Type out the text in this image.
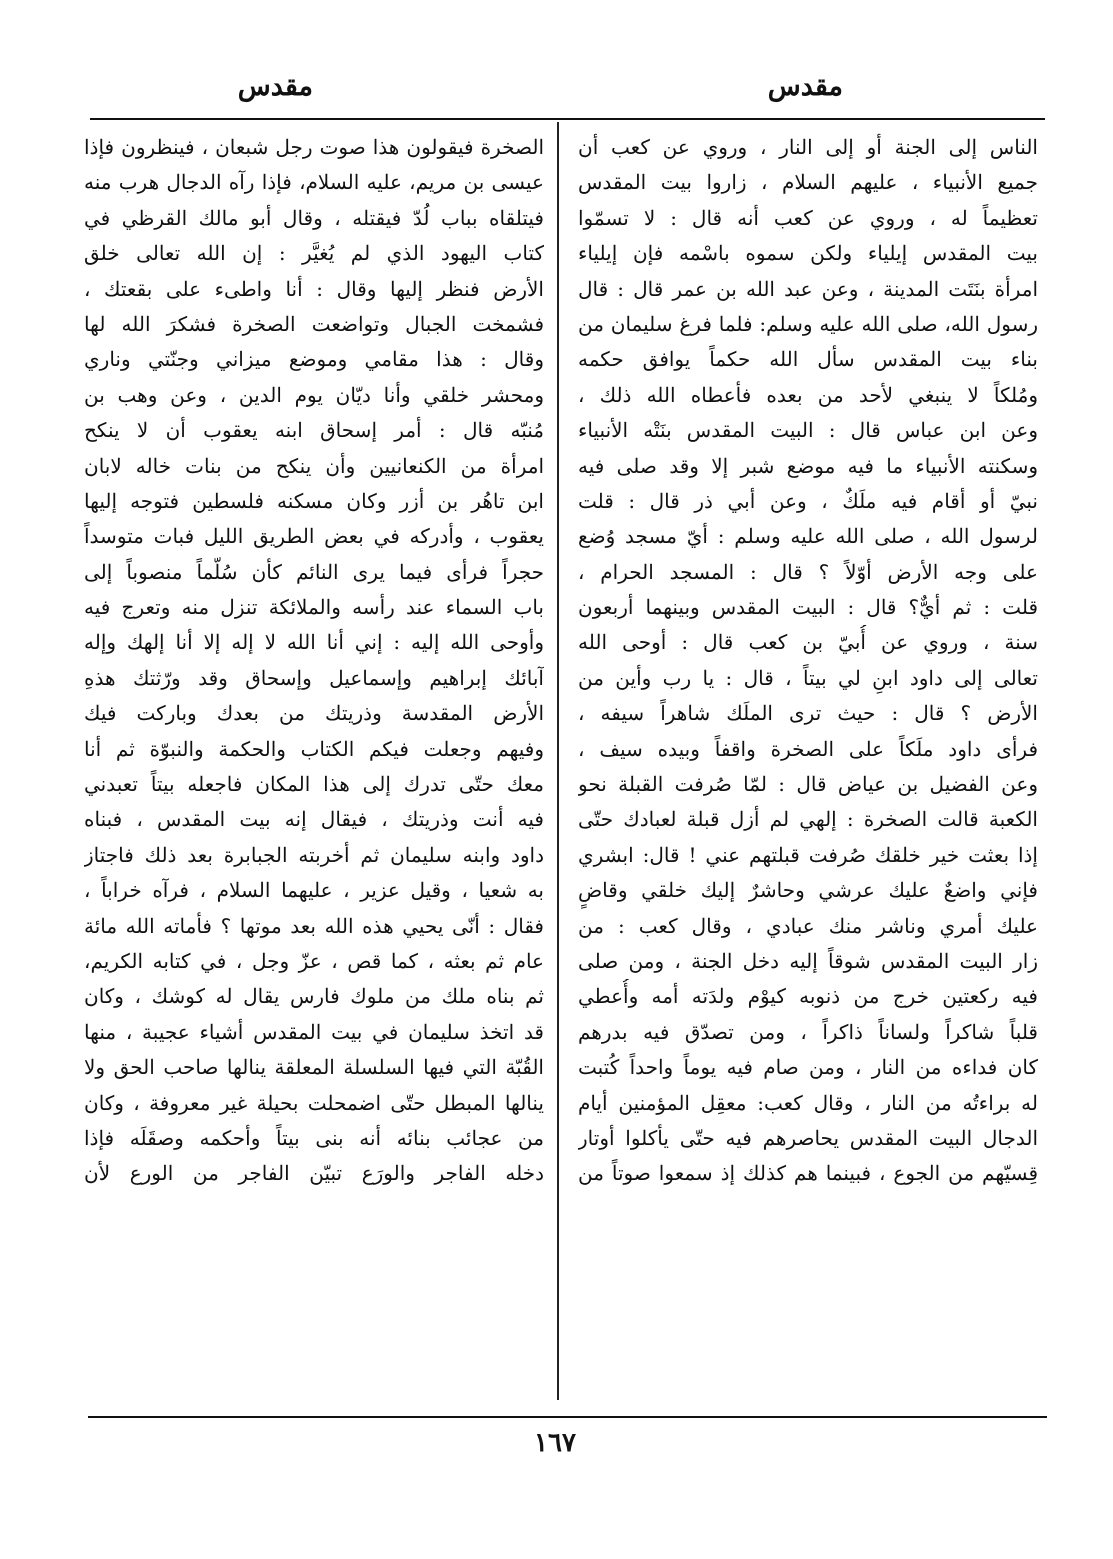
مقدس
مقدس
الناس إلى الجنة أو إلى النار ، وروي عن كعب أن
جميع الأنبياء ، عليهم السلام ، زاروا بيت المقدس
تعظيماً له ، وروي عن كعب أنه قال : لا تسمّوا
بيت المقدس إيلياء ولكن سموه باسْمه فإن إيلياء
امرأة بنَتَت المدينة ، وعن عبد الله بن عمر قال : قال
رسول الله، صلى الله عليه وسلم: فلما فرغ سليمان من
بناء بيت المقدس سأل الله حكماً يوافق حكمه
ومُلكاً لا ينبغي لأحد من بعده فأعطاه الله ذلك ،
وعن ابن عباس قال : البيت المقدس بنَتْه الأنبياء
وسكنته الأنبياء ما فيه موضع شبر إلا وقد صلى فيه
نبيّ أو أقام فيه ملَكٌ ، وعن أبي ذر قال : قلت
لرسول الله ، صلى الله عليه وسلم : أيّ مسجد وُضع
على وجه الأرض أوّلاً ؟ قال : المسجد الحرام ،
قلت : ثم أيٌّ؟ قال : البيت المقدس وبينهما أربعون
سنة ، وروي عن أُبيّ بن كعب قال : أوحى الله
تعالى إلى داود ابنِ لي بيتاً ، قال : يا رب وأين من
الأرض ؟ قال : حيث ترى الملَك شاهراً سيفه ،
فرأى داود ملَكاً على الصخرة واقفاً وبيده سيف ،
وعن الفضيل بن عياض قال : لمّا صُرفت القبلة نحو
الكعبة قالت الصخرة : إلهي لم أزل قبلة لعبادك حتّى
إذا بعثت خير خلقك صُرفت قبلتهم عني ! قال: ابشري
فإني واضعٌ عليك عرشي وحاشرٌ إليك خلقي وقاضٍ
عليك أمري وناشر منك عبادي ، وقال كعب : من
زار البيت المقدس شوقاً إليه دخل الجنة ، ومن صلى
فيه ركعتين خرج من ذنوبه كيوْم ولدَته أمه وأُعطي
قلباً شاكراً ولساناً ذاكراً ، ومن تصدّق فيه بدرهم
كان فداءه من النار ، ومن صام فيه يوماً واحداً كُتبت
له براءتُه من النار ، وقال كعب: معقِل المؤمنين أيام
الدجال البيت المقدس يحاصرهم فيه حتّى يأكلوا أوتار
قِسيّهم من الجوع ، فبينما هم كذلك إذ سمعوا صوتاً من
الصخرة فيقولون هذا صوت رجل شبعان ، فينظرون فإذا
عيسى بن مريم، عليه السلام، فإذا رآه الدجال هرب منه
فيتلقاه بباب لُدّ فيقتله ، وقال أبو مالك القرظي في
كتاب اليهود الذي لم يُغيَّر : إن الله تعالى خلق
الأرض فنظر إليها وقال : أنا واطىء على بقعتك ،
فشمخت الجبال وتواضعت الصخرة فشكرَ الله لها
وقال : هذا مقامي وموضع ميزاني وجنّتي وناري
ومحشر خلقي وأنا ديّان يوم الدين ، وعن وهب بن
مُنبّه قال : أمر إسحاق ابنه يعقوب أن لا ينكح
امرأة من الكنعانيين وأن ينكح من بنات خاله لابان
ابن تاهُر بن أزر وكان مسكنه فلسطين فتوجه إليها
يعقوب ، وأدركه في بعض الطريق الليل فبات متوسداً
حجراً فرأى فيما يرى النائم كأن سُلّماً منصوباً إلى
باب السماء عند رأسه والملائكة تنزل منه وتعرج فيه
وأوحى الله إليه : إني أنا الله لا إله إلا أنا إلهك وإله
آبائك إبراهيم وإسماعيل وإسحاق وقد ورّثتك هذهِ
الأرض المقدسة وذريتك من بعدك وباركت فيك
وفيهم وجعلت فيكم الكتاب والحكمة والنبوّة ثم أنا
معك حتّى تدرك إلى هذا المكان فاجعله بيتاً تعبدني
فيه أنت وذريتك ، فيقال إنه بيت المقدس ، فبناه
داود وابنه سليمان ثم أخربته الجبابرة بعد ذلك فاجتاز
به شعيا ، وقيل عزير ، عليهما السلام ، فرآه خراباً ،
فقال : أنّى يحيي هذه الله بعد موتها ؟ فأماته الله مائة
عام ثم بعثه ، كما قص ، عزّ وجل ، في كتابه الكريم،
ثم بناه ملك من ملوك فارس يقال له كوشك ، وكان
قد اتخذ سليمان في بيت المقدس أشياء عجيبة ، منها
القُبّة التي فيها السلسلة المعلقة ينالها صاحب الحق ولا
ينالها المبطل حتّى اضمحلت بحيلة غير معروفة ، وكان
من عجائب بنائه أنه بنى بيتاً وأحكمه وصقَلَه فإذا
دخله الفاجر والورَع تبيّن الفاجر من الورع لأن
١٦٧
